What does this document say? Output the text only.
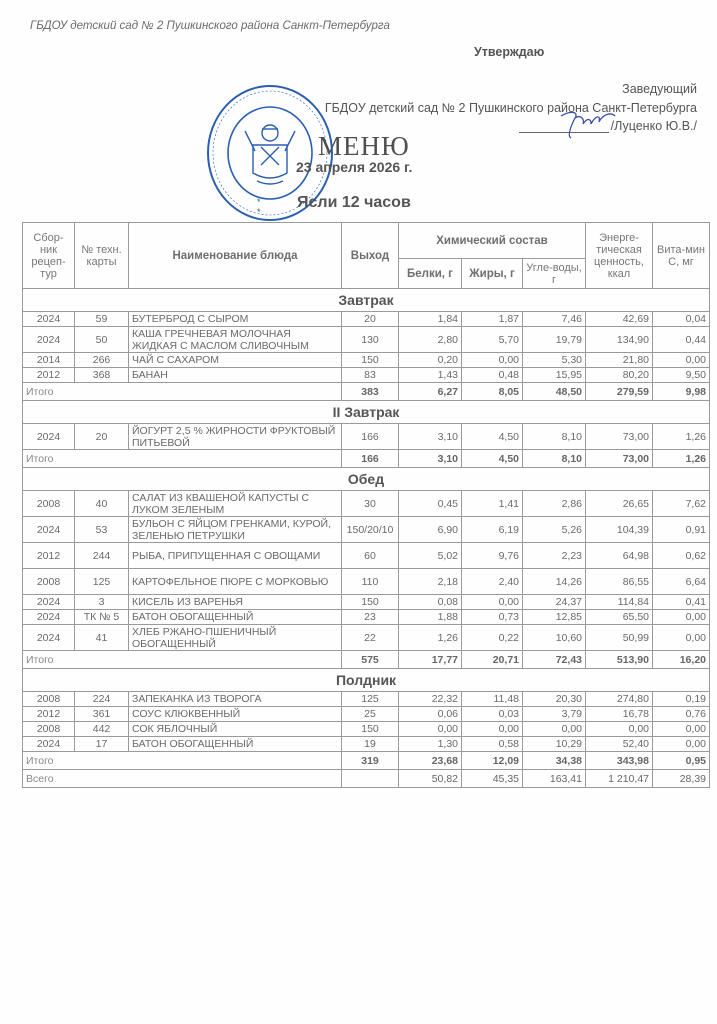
ГБДОУ детский сад № 2 Пушкинского района Санкт-Петербурга
Утверждаю
Заведующий
ГБДОУ детский сад № 2 Пушкинского района Санкт-Петербурга
/Луценко Ю.В./
*
*
МЕНЮ
23 апреля 2026 г.
Ясли 12 часов
Сбор-ник рецеп-тур	№ техн. карты	Наименование блюда	Выход	Химический состав			Энерге-тическая ценность, ккал	Вита-мин С, мг
				Белки, г	Жиры, г	Угле-воды, г		
Завтрак								
2024	59	БУТЕРБРОД С СЫРОМ	20	1,84	1,87	7,46	42,69	0,04
2024	50	КАША ГРЕЧНЕВАЯ МОЛОЧНАЯ ЖИДКАЯ С МАСЛОМ СЛИВОЧНЫМ	130	2,80	5,70	19,79	134,90	0,44
2014	266	ЧАЙ С САХАРОМ	150	0,20	0,00	5,30	21,80	0,00
2012	368	БАНАН	83	1,43	0,48	15,95	80,20	9,50
Итого			383	6,27	8,05	48,50	279,59	9,98
II Завтрак								
2024	20	ЙОГУРТ 2,5 % ЖИРНОСТИ ФРУКТОВЫЙ ПИТЬЕВОЙ	166	3,10	4,50	8,10	73,00	1,26
Итого			166	3,10	4,50	8,10	73,00	1,26
Обед								
2008	40	САЛАТ ИЗ КВАШЕНОЙ КАПУСТЫ С ЛУКОМ ЗЕЛЕНЫМ	30	0,45	1,41	2,86	26,65	7,62
2024	53	БУЛЬОН С ЯЙЦОМ ГРЕНКАМИ, КУРОЙ, ЗЕЛЕНЬЮ ПЕТРУШКИ	150/20/10	6,90	6,19	5,26	104,39	0,91
2012	244	РЫБА, ПРИПУЩЕННАЯ С ОВОЩАМИ	60	5,02	9,76	2,23	64,98	0,62
2008	125	КАРТОФЕЛЬНОЕ ПЮРЕ С МОРКОВЬЮ	110	2,18	2,40	14,26	86,55	6,64
2024	3	КИСЕЛЬ ИЗ ВАРЕНЬЯ	150	0,08	0,00	24,37	114,84	0,41
2024	ТК № 5	БАТОН ОБОГАЩЕННЫЙ	23	1,88	0,73	12,85	65,50	0,00
2024	41	ХЛЕБ РЖАНО-ПШЕНИЧНЫЙ ОБОГАЩЕННЫЙ	22	1,26	0,22	10,60	50,99	0,00
Итого			575	17,77	20,71	72,43	513,90	16,20
Полдник								
2008	224	ЗАПЕКАНКА ИЗ ТВОРОГА	125	22,32	11,48	20,30	274,80	0,19
2012	361	СОУС КЛЮКВЕННЫЙ	25	0,06	0,03	3,79	16,78	0,76
2008	442	СОК ЯБЛОЧНЫЙ	150	0,00	0,00	0,00	0,00	0,00
2024	17	БАТОН ОБОГАЩЕННЫЙ	19	1,30	0,58	10,29	52,40	0,00
Итого			319	23,68	12,09	34,38	343,98	0,95
Всего				50,82	45,35	163,41	1 210,47	28,39
